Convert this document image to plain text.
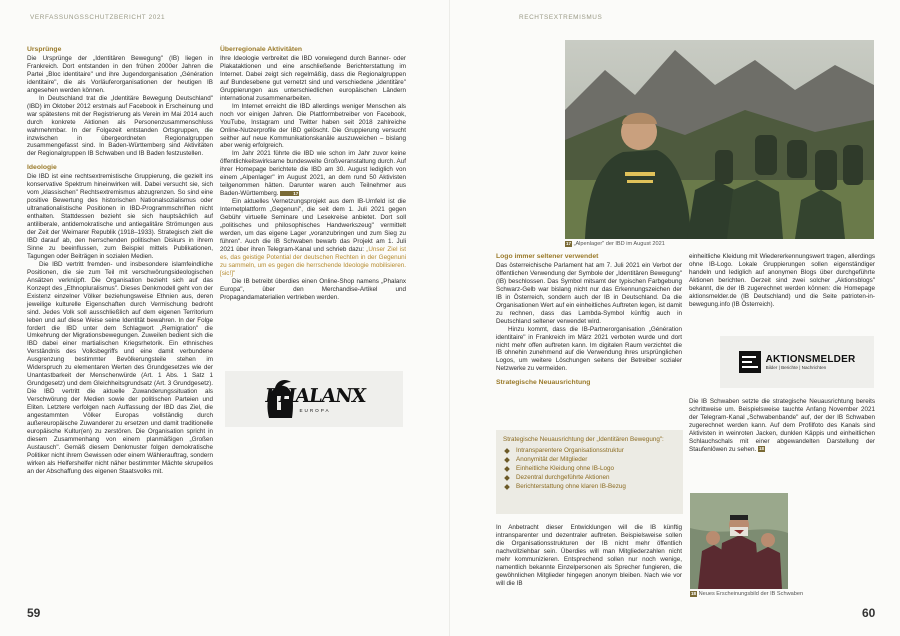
VERFASSUNGSSCHUTZBERICHT 2021
Ursprünge

Die Ursprünge der „Identitären Bewegung" (IB) liegen in Frankreich. Dort entstanden in den frühen 2000er Jahren die Partei „Bloc identitaire" und ihre Jugendorganisation „Génération identitaire", die als Vorläuferorganisationen der heutigen IB angesehen werden können.

In Deutschland trat die „Identitäre Bewegung Deutschland" (IBD) im Oktober 2012 erstmals auf Facebook in Erscheinung und war spätestens mit der Registrierung als Verein im Mai 2014 auch durch konkrete Aktionen als Personenzusammenschluss wahrnehmbar. In der Folgezeit entstanden Ortsgruppen, die inzwischen in übergeordneten Regionalgruppen zusammengefasst sind. In Baden-Württemberg sind Aktivitäten der Regionalgruppen IB Schwaben und IB Baden festzustellen.

Ideologie

Die IBD ist eine rechtsextremistische Gruppierung, die gezielt ins konservative Spektrum hineinwirken will. Dabei versucht sie, sich vom „klassischen" Rechtsextremismus abzugrenzen. So sind eine positive Bewertung des historischen Nationalsozialismus oder ultranationalistische Positionen in IBD-Programmschriften nicht enthalten. Stattdessen bezieht sie sich hauptsächlich auf antiliberale, antidemokratische und antiegalitäre Strömungen aus der Zeit der Weimarer Republik (1918–1933). Strategisch zielt die IBD darauf ab, den herrschenden politischen Diskurs in ihrem Sinne zu beeinflussen, zum Beispiel mittels Publikationen, Tagungen oder Beiträgen in sozialen Medien.

Die IBD vertritt fremden- und insbesondere islamfeindliche Positionen, die sie zum Teil mit verschwörungsideologischen Ansätzen verknüpft. Die Organisation bezieht sich auf das Konzept des „Ethnopluralismus". Dieses Denkmodell geht von der Existenz einzelner Völker beziehungsweise Ethnien aus, deren jeweilige kulturelle Eigenschaften durch Vermischung bedroht sind. Jedes Volk soll ausschließlich auf dem eigenen Territorium leben und auf diese Weise seine Identität bewahren. In der Folge fordert die IBD unter dem Schlagwort „Remigration" die Umkehrung der Migrationsbewegungen. Zuweilen bedient sich die IBD dabei einer martialischen Kriegsrhetorik. Ein ethnisches Verständnis des Volksbegriffs und eine damit verbundene Ausgrenzung bestimmter Bevölkerungsteile stehen im Widerspruch zu elementaren Werten des Grundgesetzes wie der Unantastbarkeit der Menschenwürde (Art. 1 Abs. 1 Satz 1 Grundgesetz) und dem Gleichheitsgrundsatz (Art. 3 Grundgesetz). Die IBD vertritt die aktuelle Zuwanderungssituation als Verschwörung der Medien sowie der politischen Parteien und Eliten. Letztere verfolgen nach Auffassung der IBD das Ziel, die angestammten Völker Europas vollständig durch außereuropäische Zuwanderer zu ersetzen und damit traditionelle europäische Kultur(en) zu zerstören. Die Organisation spricht in diesem Zusammenhang von einem planmäßigen „Großen Austausch". Gemäß diesem Denkmuster folgen demokratische Politiker nicht ihrem Gewissen oder einem Wählerauftrag, sondern wirken als Helfershelfer nicht näher bestimmter Mächte skrupellos an der Abschaffung des eigenen Staatsvolks mit.

Überregionale Aktivitäten

Ihre Ideologie verbreitet die IBD vorwiegend durch Banner- oder Plakataktionen und eine anschließende Berichterstattung im Internet. Dabei zeigt sich regelmäßig, dass die Regionalgruppen auf Bundesebene gut vernetzt sind und verschiedene „identitäre" Gruppierungen aus unterschiedlichen europäischen Ländern international zusammenarbeiten.

Im Internet erreicht die IBD allerdings weniger Menschen als noch vor einigen Jahren. Die Plattformbetreiber von Facebook, YouTube, Instagram und Twitter haben seit 2018 zahlreiche Online-Nutzerprofile der IBD gelöscht. Die Gruppierung versucht seither auf neue Kommunikationskanäle auszuweichen – bislang aber wenig erfolgreich.

Im Jahr 2021 führte die IBD wie schon im Jahr zuvor keine öffentlichkeitswirksame bundesweite Großveranstaltung durch. Auf ihrer Homepage berichtete die IBD am 30. August lediglich von einem „Alpenlager" im August 2021, an dem rund 50 Aktivisten teilgenommen hätten. Darunter waren auch Teilnehmer aus Baden-Württemberg.	17

Ein aktuelles Vernetzungsprojekt aus dem IB-Umfeld ist die Internetplattform „Gegenuni", die seit dem 1. Juli 2021 gegen Gebühr virtuelle Seminare und Lesekreise anbietet. Dort soll „politisches und philosophisches Handwerkszeug" vermittelt werden, um das eigene Lager „voranzubringen und zum Sieg zu führen". Auch die IB Schwaben bewarb das Projekt am 1. Juli 2021 über ihren Telegram-Kanal und schrieb dazu: „Unser Ziel ist es, das geistige Potential der deutschen Rechten in der Gegenuni zu sammeln, um es gegen die herrschende Ideologie mobilisieren. [sic!]"

Die IB betreibt überdies einen Online-Shop namens „Phalanx Europa", über den Merchandise-Artikel und Propagandamaterialien vertrieben werden.

PHALANX
EUROPA
59
RECHTSEXTREMISMUS
60
17 „Alpenlager" der IBD im August 2021
Logo immer seltener verwendet

Das österreichische Parlament hat am 7. Juli 2021 ein Verbot der öffentlichen Verwendung der Symbole der „Identitären Bewegung" (IB) beschlossen. Das Symbol mitsamt der typischen Farbgebung Schwarz-Gelb war bislang nicht nur das Erkennungszeichen der IB in Österreich, sondern auch der IB in Deutschland. Da die Organisationen Wert auf ein einheitliches Auftreten legen, ist damit zu rechnen, dass das Lambda-Symbol künftig auch in Deutschland seltener verwendet wird.

Hinzu kommt, dass die IB-Partnerorganisation „Génération identitaire" in Frankreich im März 2021 verboten wurde und dort nicht mehr offen auftreten kann. Im digitalen Raum verzichtet die IB ohnehin zunehmend auf die Verwendung ihres ursprünglichen Logos, um weitere Löschungen seitens der Betreiber sozialer Netzwerke zu vermeiden.

Strategische Neuausrichtung
Strategische Neuausrichtung der „Identitären Bewegung":
Intransparentere Organisationsstruktur
Anonymität der Mitglieder
Einheitliche Kleidung ohne IB-Logo
Dezentral durchgeführte Aktionen
Berichterstattung ohne klaren IB-Bezug

In Anbetracht dieser Entwicklungen will die IB künftig intransparenter und dezentraler auftreten. Beispielsweise sollen die Organisationsstrukturen der IB nicht mehr öffentlich nachvollziehbar sein. Überdies will man Mitgliederzahlen nicht mehr kommunizieren. Entsprechend sollen nur noch wenige, namentlich bekannte Einzelpersonen als Sprecher fungieren, die gewöhnlichen Mitglieder hingegen anonym bleiben. Nach wie vor will die IB

einheitliche Kleidung mit Wiedererkennungswert tragen, allerdings ohne IB-Logo. Lokale Gruppierungen sollen eigenständiger handeln und lediglich auf anonymen Blogs über durchgeführte Aktionen berichten. Derzeit sind zwei solcher „Aktionsblogs" bekannt, die der IB zugerechnet werden können: die Homepage aktionsmelder.de (IB Deutschland) und die Seite patrioten-in-bewegung.info (IB Österreich).

AKTIONSMELDER
Bilder | Berichte | Nachrichten

Die IB Schwaben setzte die strategische Neuausrichtung bereits schrittweise um. Beispielsweise tauchte Anfang November 2021 der Telegram-Kanal „Schwabenbande" auf, der der IB Schwaben zugerechnet werden kann. Auf dem Profilfoto des Kanals sind Aktivisten in weinroten Jacken, dunklen Käppis und einheitlichen Schlauchschals mit einer abgewandelten Darstellung der Staufenlöwen zu sehen. 18

18 Neues Erscheinungsbild der IB Schwaben
